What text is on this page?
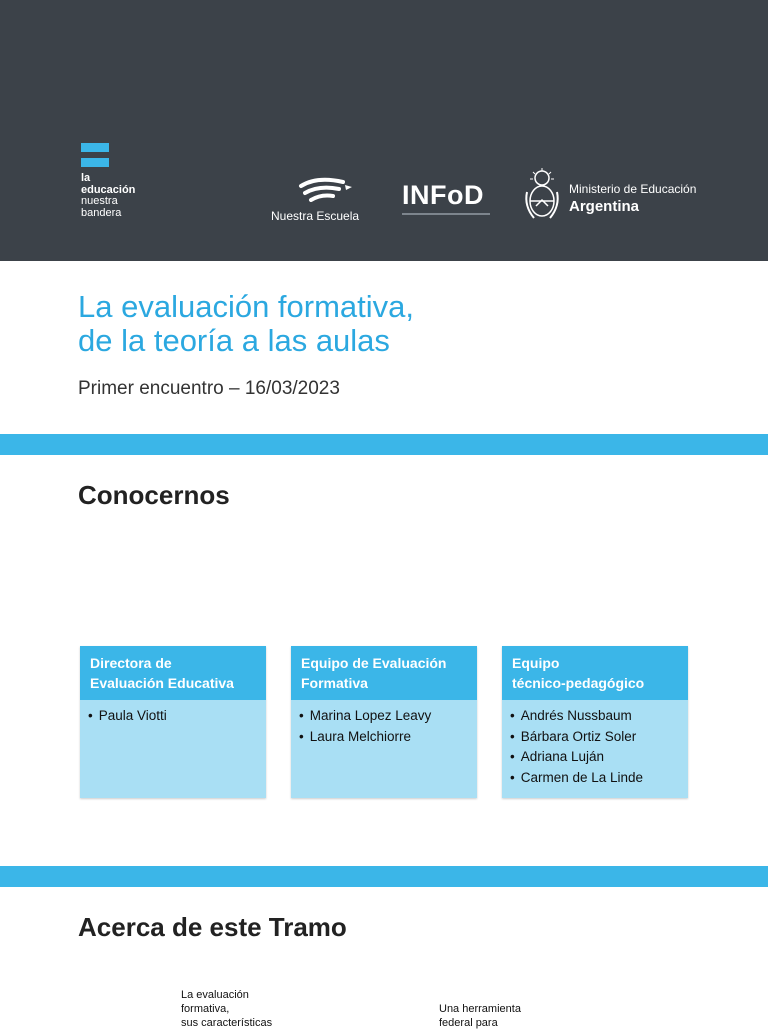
la
educación
nuestra
bandera	Nuestra Escuela
INFoD	Ministerio de Educación
Argentina
La evaluación formativa,
de la teoría a las aulas
Primer encuentro – 16/03/2023
Conocernos
Directora de
Evaluación Educativa
• Paula Viotti
Equipo de Evaluación
Formativa
• Marina Lopez Leavy
• Laura Melchiorre
Equipo
técnico-pedagógico
• Andrés Nussbaum
• Bárbara Ortiz Soler
• Adriana Luján
• Carmen de La Linde
Acerca de este Tramo
La evaluación
formativa,
sus características
Una herramienta
federal para
